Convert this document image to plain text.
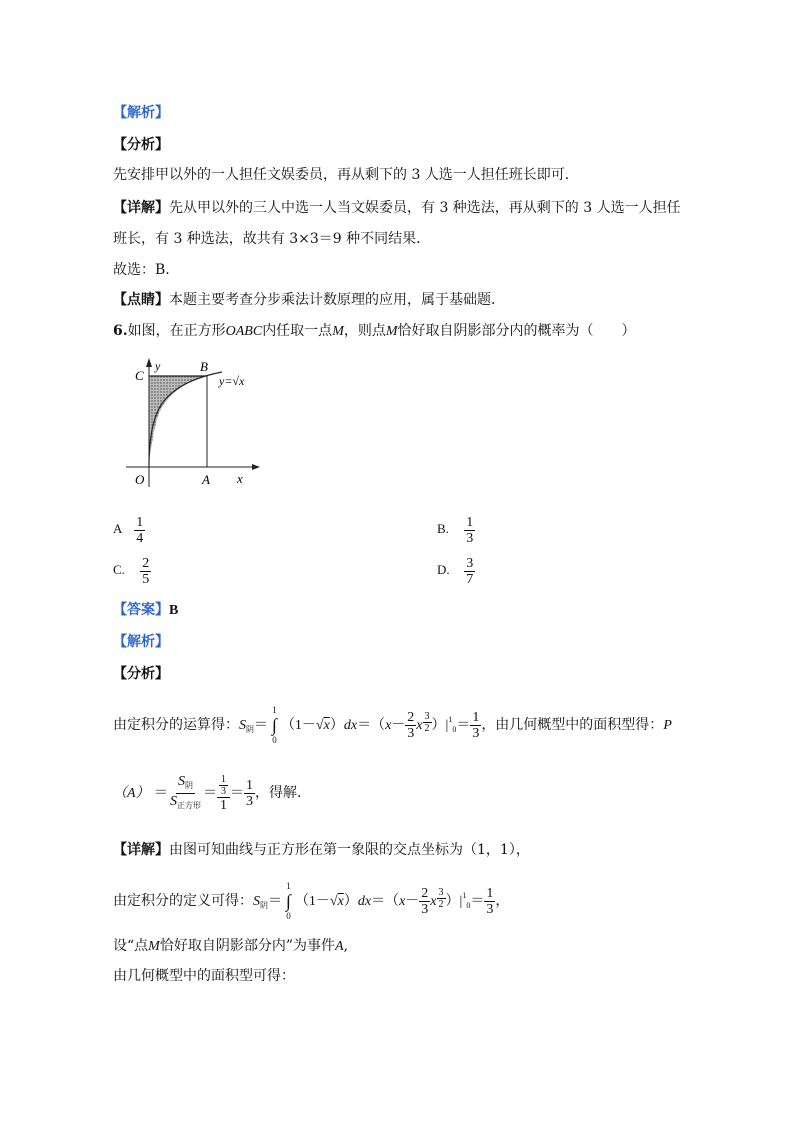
【解析】
【分析】
先安排甲以外的一人担任文娱委员，再从剩下的 3 人选一人担任班长即可．
【详解】先从甲以外的三人中选一人当文娱委员，有 3 种选法，再从剩下的 3 人选一人担任
班长，有 3 种选法，故共有 3×3＝9 种不同结果．
故选：B.
【点睛】本题主要考查分步乘法计数原理的应用，属于基础题.
6.如图，在正方形OABC内任取一点M，则点M恰好取自阴影部分内的概率为（　　）
y
C
B
y=√x
O	A x
A $\frac{1}{4}$	B. $\frac{1}{3}$
C. $\frac{2}{5}$	D. $\frac{3}{7}$
【答案】B
【解析】
【分析】
由定积分的运算得：$S_阴=$
1
∫
0
$(1-√x)dx=(x- \frac{2}{3}$ x $\frac{3}{2} )|^1_0= \frac{1}{3}$ ，由几何概型中的面积型得：P
$(A) = \frac{S_阴}{S_{正方形}} = \frac{\frac{1}{3}}{1} = \frac{1}{3}$ ，得解．
【详解】由图可知曲线与正方形在第一象限的交点坐标为（1，1），
由定积分的定义可得：$S_阴=$
1
∫
0
$(1-√x)dx=(x- \frac{2}{3}$ x $\frac{3}{2} )|^1_0= \frac{1}{3}$ ，
设“点M恰好取自阴影部分内”为事件A,
由几何概型中的面积型可得：
